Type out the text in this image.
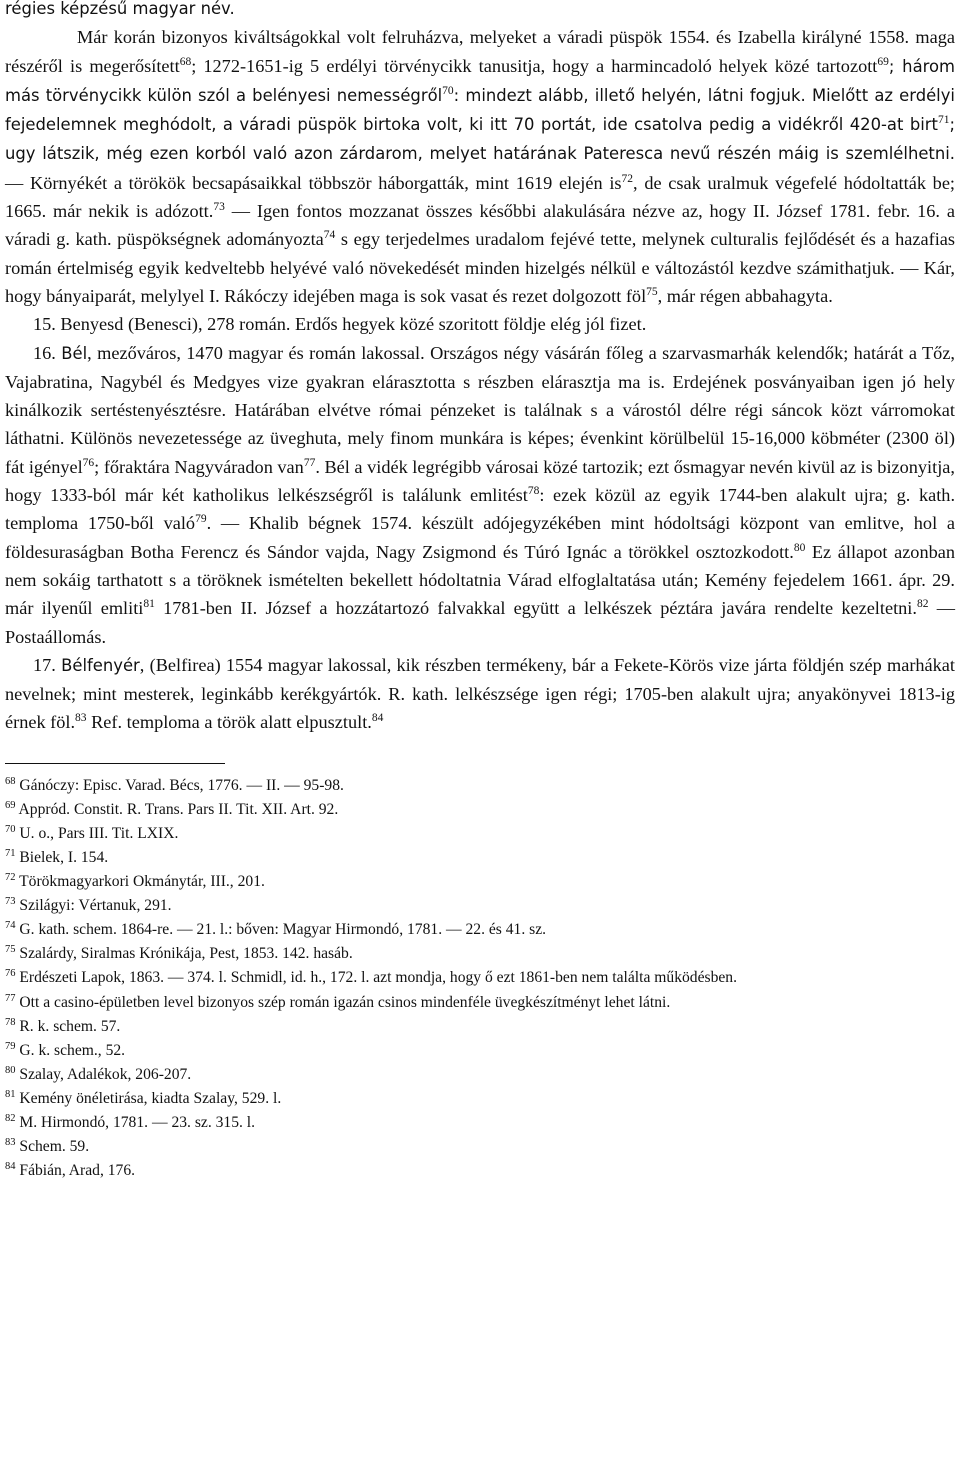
régies képzésű magyar név.

Már korán bizonyos kiváltságokkal volt felruházva, melyeket a váradi püspök 1554. és Izabella királyné 1558. maga részéről is megerősített$^{68}$; 1272-1651-ig 5 erdélyi törvénycikk tanusitja, hogy a harmincadoló helyek közé tartozott$^{69}$; három más törvénycikk külön szól a belényesi nemességről$^{70}$: mindezt alább, illető helyén, látni fogjuk. Mielőtt az erdélyi fejedelemnek meghódolt, a váradi püspök birtoka volt, ki itt 70 portát, ide csatolva pedig a vidékről 420-at birt$^{71}$; ugy látszik, még ezen korból való azon zárdarom, melyet határának Paterescа nevű részén máig is szemlélhetni. — Környékét a törökök becsapásaikkal többször háborgatták, mint 1619 elején $is^{72}$, de csak uralmuk végefelé hódoltatták be; 1665. már nekik is adózott.$^{73}$ — Igen fontos mozzanat összes későbbi alakulására nézve az, hogy II. József 1781. febr. 16. a váradi g. kath. püspökségnek adományozta$^{74}$ s egy terjedelmes uradalom fejévé tette, melynek culturalis fejlődését és a hazafias román értelmiség egyik kedveltebb helyévé való növekedését minden hizelgés nélkül e változástól kezdve számithatjuk. — Kár, hogy bányaiparát, melylyel I. Rákóczy idejében maga is sok vasat és rezet dolgozott föl$^{75}$, már régen abbahagyta.

15. Benyesd (Benesci), 278 román. Erdős hegyek közé szoritott földje elég jól fizet.

16. Bél, mezőváros, 1470 magyar és román lakossal. Országos négy vásárán főleg a szarvasmarhák kelendők; határát a Tőz, Vajabratina, Nagybél és Medgyes vize gyakran elárasztotta s részben elárasztja ma is. Erdejének posványaiban igen jó hely kinálkozik sertéstenyésztésre. Határában elvétve római pénzeket is találnak s a várostól délre régi sáncok közt várromokat láthatni. Különös nevezetessége az üveghuta, mely finom munkára is képes; évenkint körülbelül 15-16,000 köbméter (2300 öl) fát igényel$^{76}$; főraktára Nagyváradon van$^{77}$. Bél a vidék legrégibb városai közé tartozik; ezt ősmagyar nevén kivül az is bizonyitja, hogy 1333-ból már két katholikus lelkészségről is találunk emlitést$^{78}$: ezek közül az egyik 1744-ben alakult ujra; g. kath. temploma 1750-ből való$^{79}$. — Khalib bégnek 1574. készült adójegyzékében mint hódoltsági központ van emlitve, hol a földesuraságban Botha Ferencz és Sándor vajda, Nagy Zsigmond és Túró Ignác a törökkel osztozkodott.$^{80}$ Ez állapot azonban nem sokáig tarthatott s a töröknek ismételten bekellett hódoltatnia Várad elfoglaltatása után; Kemény fejedelem 1661. ápr. 29. már ilyenűl emliti$^{81}$ 1781-ben II. József a hozzátartozó falvakkal együtt a lelkészek péztára javára rendelte kezeltetni.$^{82}$ — Postaállomás.

17. Bélfenyér, (Belfirea) 1554 magyar lakossal, kik részben termékeny, bár a Fekete-Körös vize járta földjén szép marhákat nevelnek; mint mesterek, leginkább kerékgyártók. R. kath. lelkészsége igen régi; 1705-ben alakult ujra; anyakönyvei 1813-ig érnek föl.$^{83}$ Ref. temploma a török alatt elpusztult.$^{84}$

$^{68}$ Gánóczy: Episc. Varad. Bécs, 1776. — II. — 95-98.

$^{69}$ Appród. Constit. R. Trans. Pars II. Tit. XII. Art. 92.

$^{70}$ U. o., Pars III. Tit. LXIX.

$^{71}$ Bielek, I. 154.

$^{72}$ Törökmagyarkori Okmánytár, III., 201.

$^{73}$ Szilágyi: Vértanuk, 291.

$^{74}$ G. kath. schem. 1864-re. — 21. l.: bőven: Magyar Hirmondó, 1781. — 22. és 41. sz.

$^{75}$ Szalárdy, Siralmas Krónikája, Pest, 1853. 142. hasáb.

$^{76}$ Erdészeti Lapok, 1863. — 374. l. Schmidl, id. h., 172. l. azt mondja, hogy ő ezt 1861-ben nem találta működésben.

$^{77}$ Ott a casino-épületben level bizonyos szép román igazán csinos mindenféle üvegkészítményt lehet látni.

$^{78}$ R. k. schem. 57.

$^{79}$ G. k. schem., 52.

$^{80}$ Szalay, Adalékok, 206-207.

$^{81}$ Kemény önéletirása, kiadta Szalay, 529. l.

$^{82}$ M. Hirmondó, 1781. — 23. sz. 315. l.

$^{83}$ Schem. 59.

$^{84}$ Fábián, Arad, 176.
